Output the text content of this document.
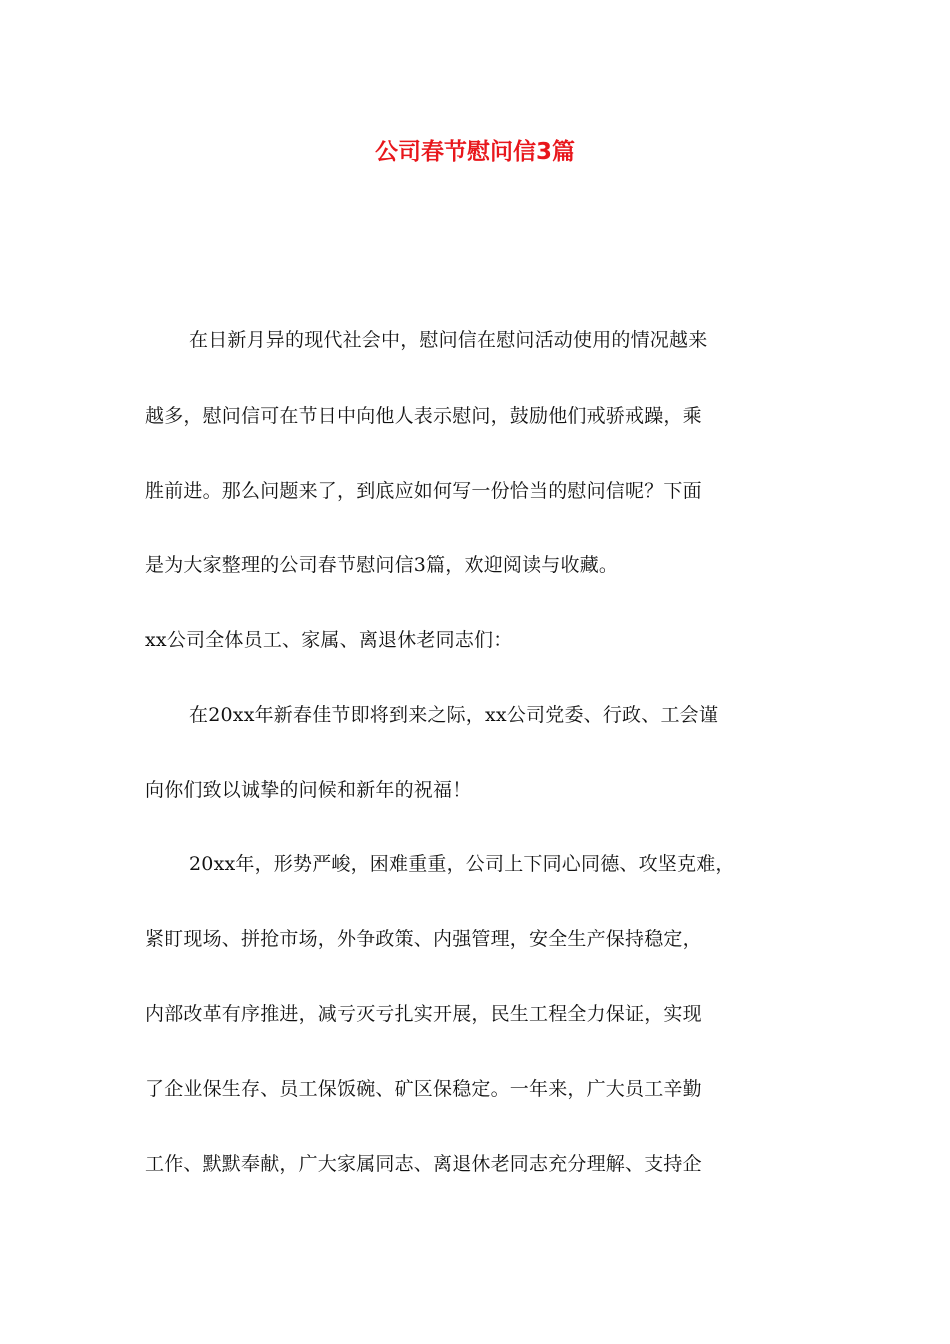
公司春节慰问信3篇
在日新月异的现代社会中，慰问信在慰问活动使用的情况越来
越多，慰问信可在节日中向他人表示慰问，鼓励他们戒骄戒躁，乘
胜前进。那么问题来了，到底应如何写一份恰当的慰问信呢？下面
是为大家整理的公司春节慰问信3篇，欢迎阅读与收藏。
xx公司全体员工、家属、离退休老同志们：
在20xx年新春佳节即将到来之际，xx公司党委、行政、工会谨
向你们致以诚挚的问候和新年的祝福！
20xx年，形势严峻，困难重重，公司上下同心同德、攻坚克难，
紧盯现场、拼抢市场，外争政策、内强管理，安全生产保持稳定，
内部改革有序推进，减亏灭亏扎实开展，民生工程全力保证，实现
了企业保生存、员工保饭碗、矿区保稳定。一年来，广大员工辛勤
工作、默默奉献，广大家属同志、离退休老同志充分理解、支持企
